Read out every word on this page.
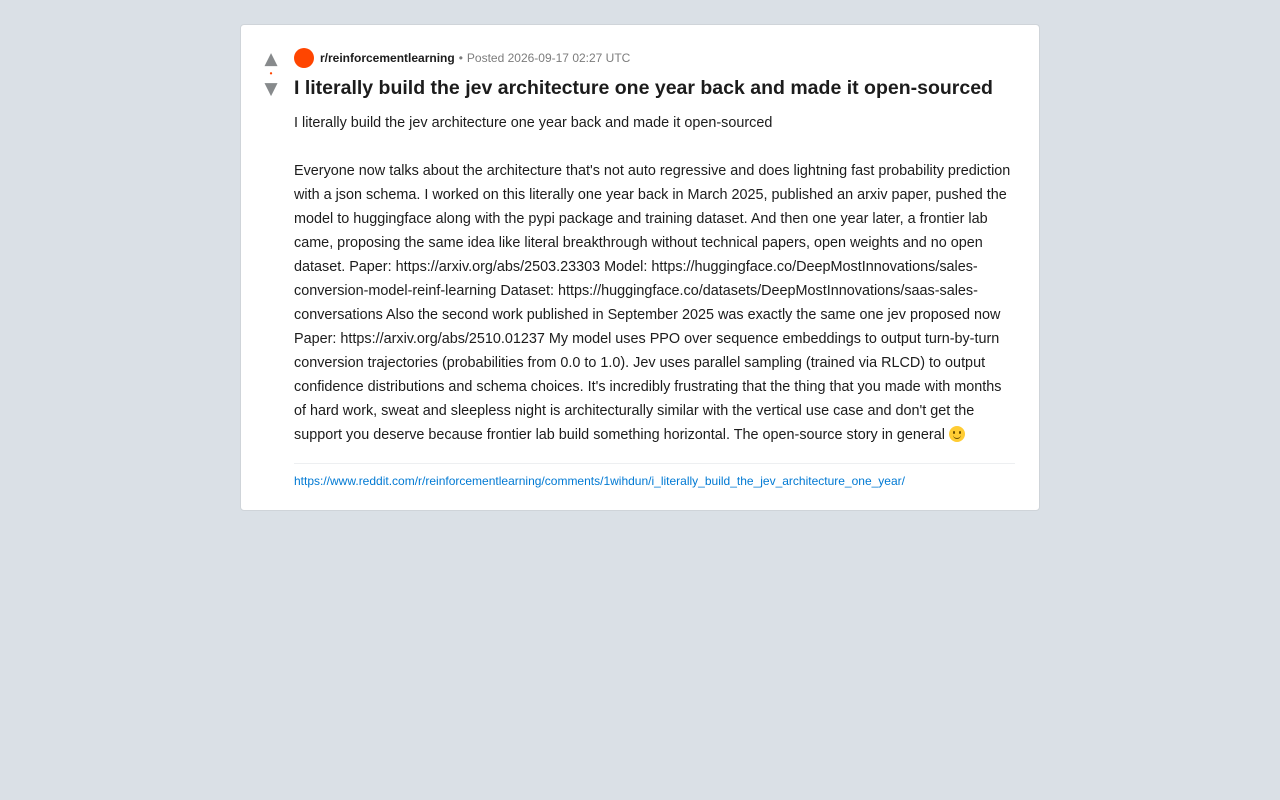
▲
•
▼
r/reinforcementlearning • Posted 2026-09-17 02:27 UTC
I literally build the jev architecture one year back and made it open-sourced
I literally build the jev architecture one year back and made it open-sourced

Everyone now talks about the architecture that's not auto regressive and does lightning fast probability prediction with a json schema. I worked on this literally one year back in March 2025, published an arxiv paper, pushed the model to huggingface along with the pypi package and training dataset. And then one year later, a frontier lab came, proposing the same idea like literal breakthrough without technical papers, open weights and no open dataset. Paper: https://arxiv.org/abs/2503.23303 Model: https://huggingface.co/DeepMostInnovations/sales-conversion-model-reinf-learning Dataset: https://huggingface.co/datasets/DeepMostInnovations/saas-sales-conversations Also the second work published in September 2025 was exactly the same one jev proposed now Paper: https://arxiv.org/abs/2510.01237 My model uses PPO over sequence embeddings to output turn-by-turn conversion trajectories (probabilities from 0.0 to 1.0). Jev uses parallel sampling (trained via RLCD) to output confidence distributions and schema choices. It's incredibly frustrating that the thing that you made with months of hard work, sweat and sleepless night is architecturally similar with the vertical use case and don't get the support you deserve because frontier lab build something horizontal. The open-source story in general
https://www.reddit.com/r/reinforcementlearning/comments/1wihdun/i_literally_build_the_jev_architecture_one_year/
